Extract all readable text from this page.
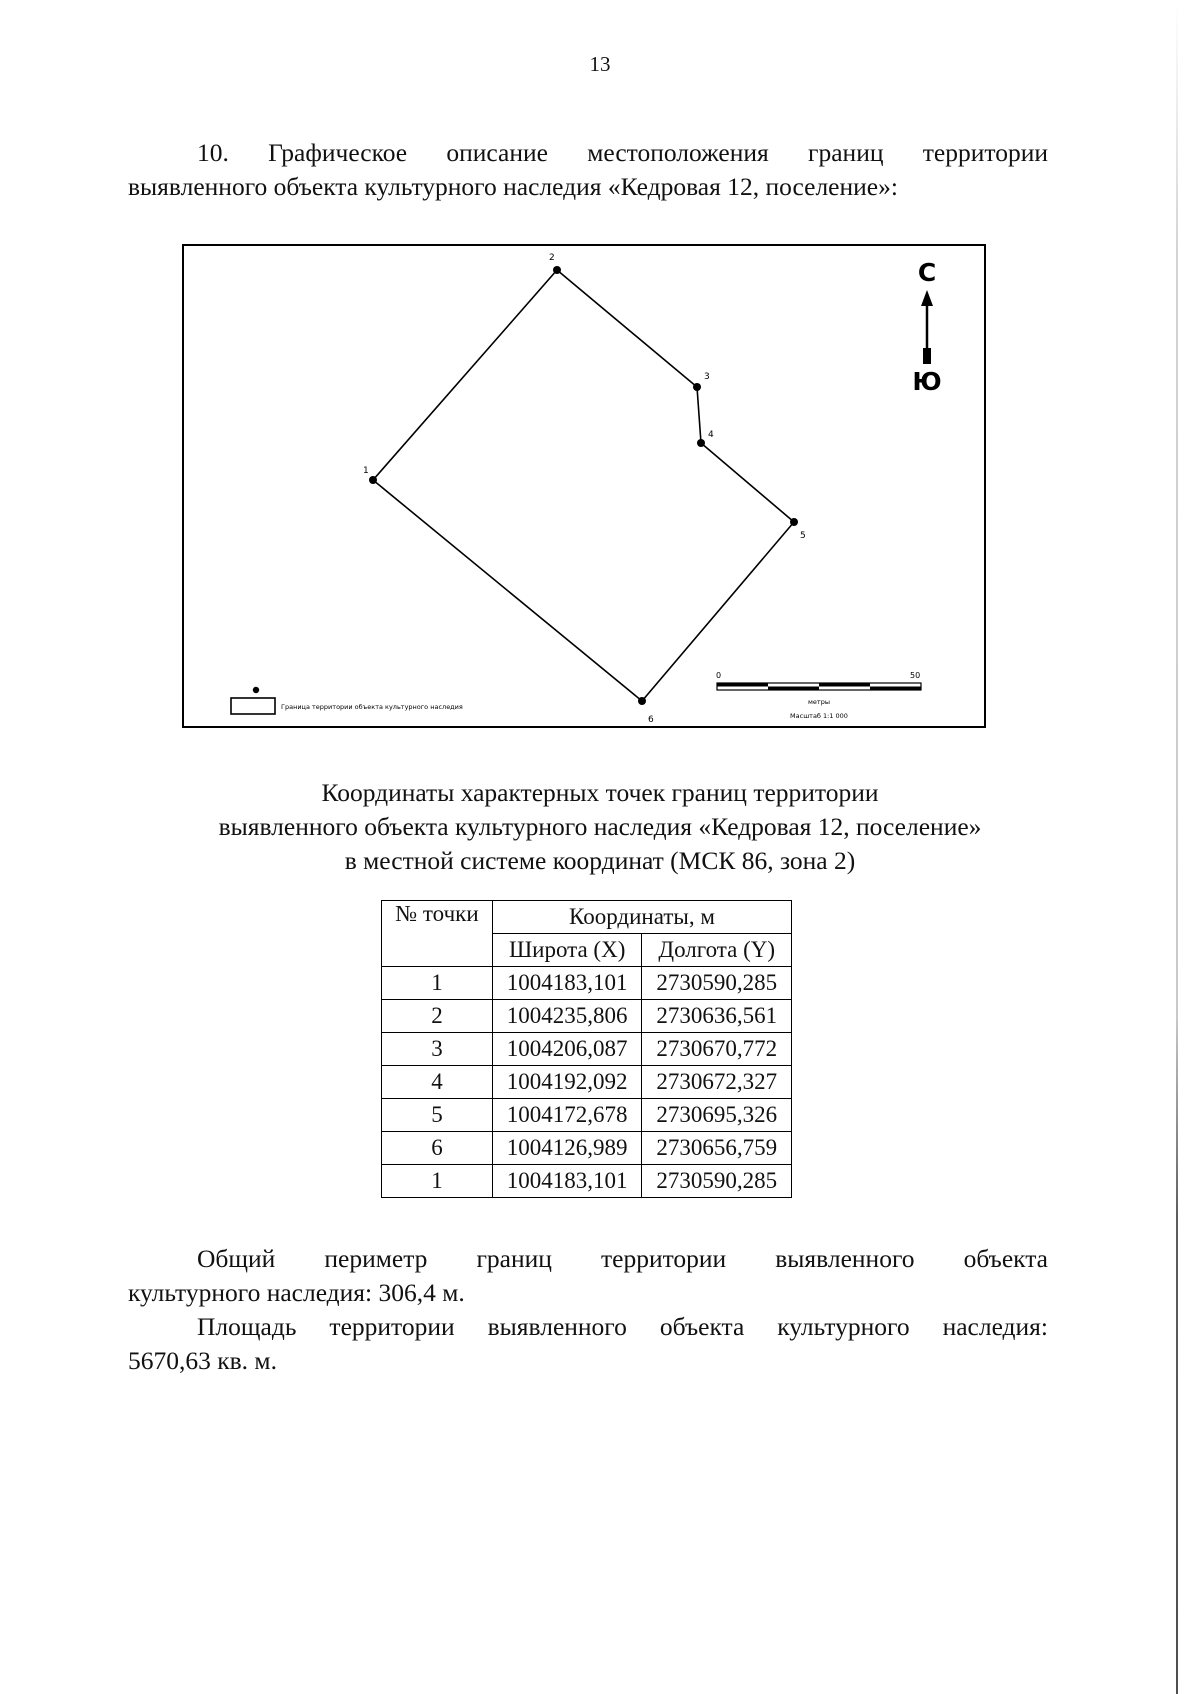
13
10. Графическое описание местоположения границ территории
выявленного объекта культурного наследия «Кедровая 12, поселение»:
1
2
3
4
5
6
С
Ю
Граница территории объекта культурного наследия
0	50
метры
Масштаб 1:1 000
Координаты характерных точек границ территории
выявленного объекта культурного наследия «Кедровая 12, поселение»
в местной системе координат (МСК 86, зона 2)
№ точки	Координаты, м	
	Широта (X)	Долгота (Y)
1	1004183,101	2730590,285
2	1004235,806	2730636,561
3	1004206,087	2730670,772
4	1004192,092	2730672,327
5	1004172,678	2730695,326
6	1004126,989	2730656,759
1	1004183,101	2730590,285
Общий периметр границ территории выявленного объекта
культурного наследия: 306,4 м.
Площадь территории выявленного объекта культурного наследия:
5670,63 кв. м.
